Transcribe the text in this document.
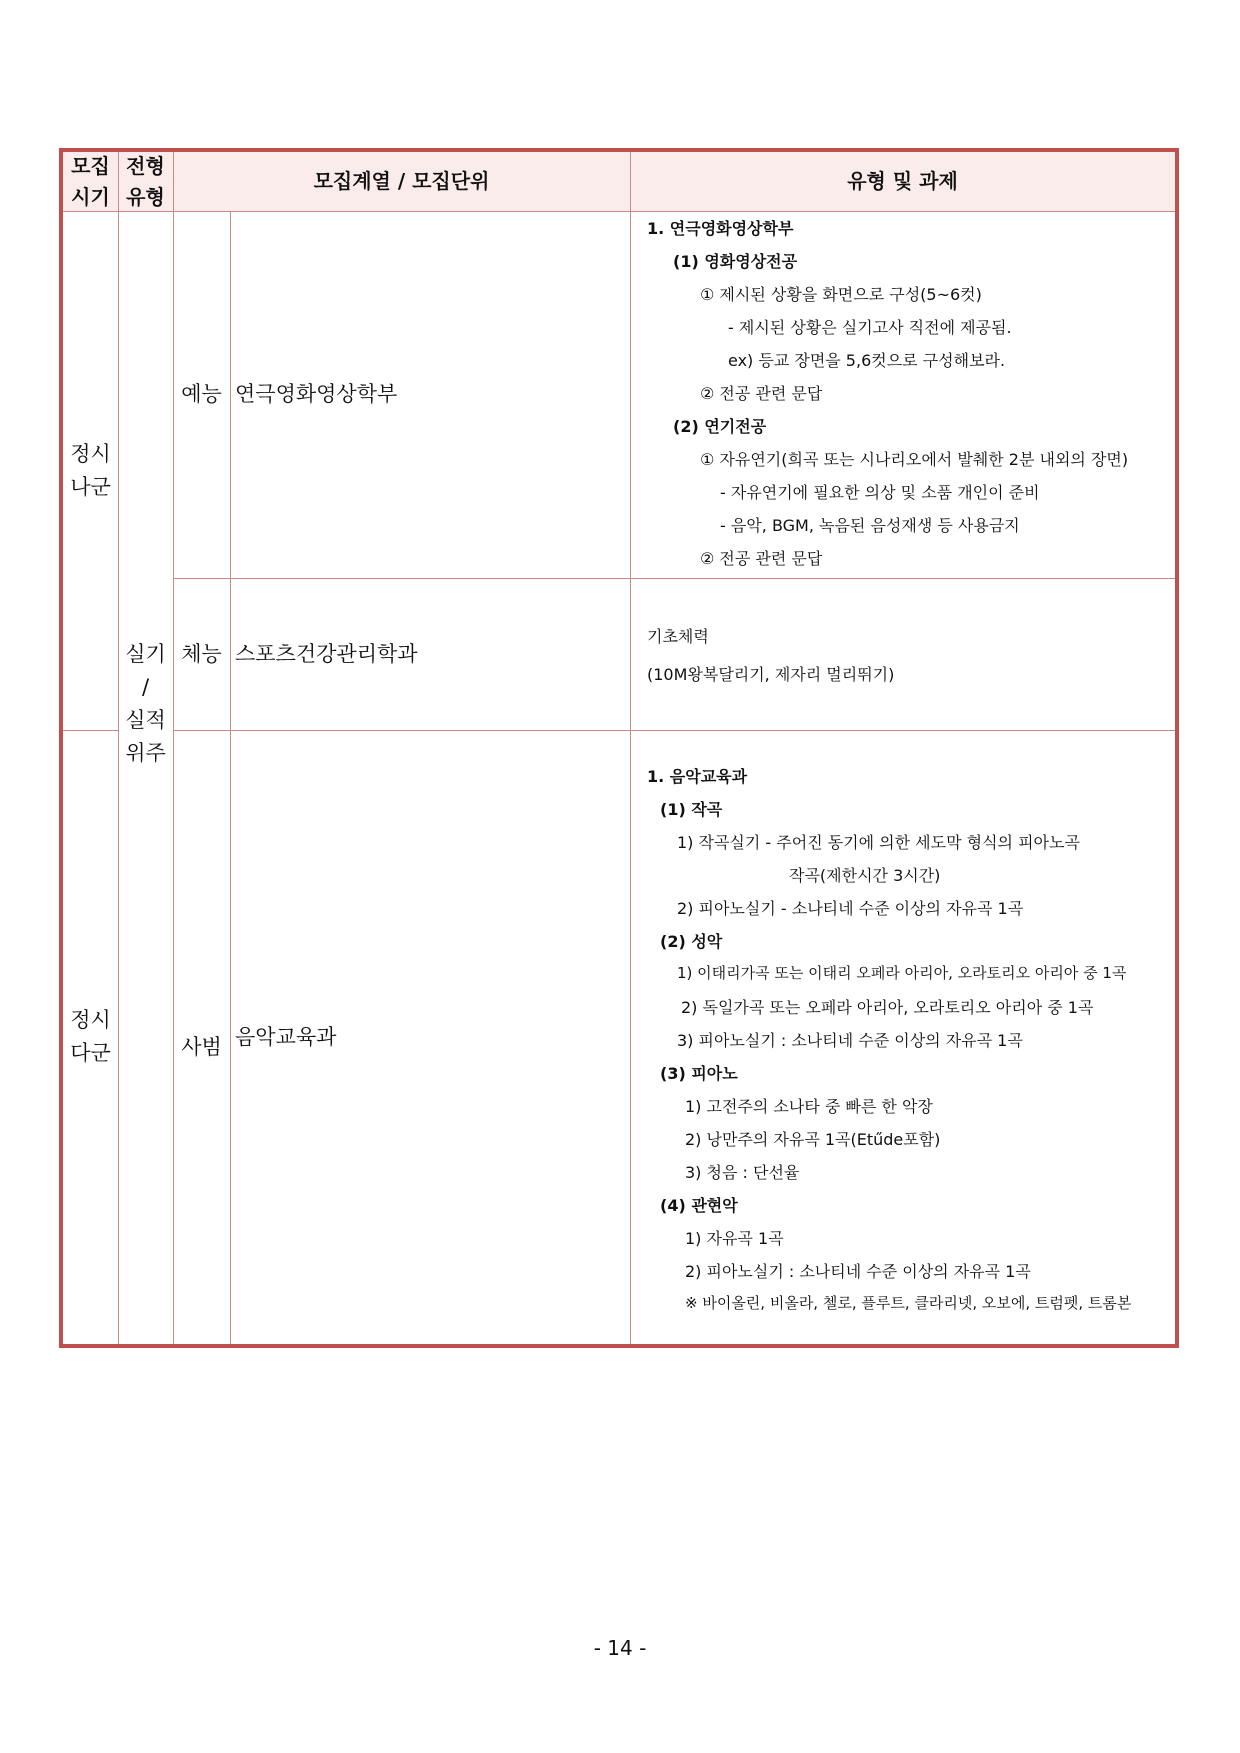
모집
시기
전형
유형
모집계열 / 모집단위	유형 및 과제
정시
나군
정시
다군
실기
/
실적
위주
예능 연극영화영상학부
체능 스포츠건강관리학과
사범 음악교육과
1. 연극영화영상학부
(1) 영화영상전공
① 제시된 상황을 화면으로 구성(5~6컷)
- 제시된 상황은 실기고사 직전에 제공됨.
ex) 등교 장면을 5,6컷으로 구성해보라.
② 전공 관련 문답
(2) 연기전공
① 자유연기(희곡 또는 시나리오에서 발췌한 2분 내외의 장면)
- 자유연기에 필요한 의상 및 소품 개인이 준비
- 음악, BGM, 녹음된 음성재생 등 사용금지
② 전공 관련 문답
기초체력
(10M왕복달리기, 제자리 멀리뛰기)
1. 음악교육과
(1) 작곡
1) 작곡실기 - 주어진 동기에 의한 세도막 형식의 피아노곡
작곡(제한시간 3시간)
2) 피아노실기 - 소나티네 수준 이상의 자유곡 1곡
(2) 성악
1) 이태리가곡 또는 이태리 오페라 아리아, 오라토리오 아리아 중 1곡
2) 독일가곡 또는 오페라 아리아, 오라토리오 아리아 중 1곡
3) 피아노실기 : 소나티네 수준 이상의 자유곡 1곡
(3) 피아노
1) 고전주의 소나타 중 빠른 한 악장
2) 낭만주의 자유곡 1곡(Etűde포함)
3) 청음 : 단선율
(4) 관현악
1) 자유곡 1곡
2) 피아노실기 : 소나티네 수준 이상의 자유곡 1곡
※ 바이올린, 비올라, 첼로, 플루트, 클라리넷, 오보에, 트럼펫, 트롬본
- 14 -
